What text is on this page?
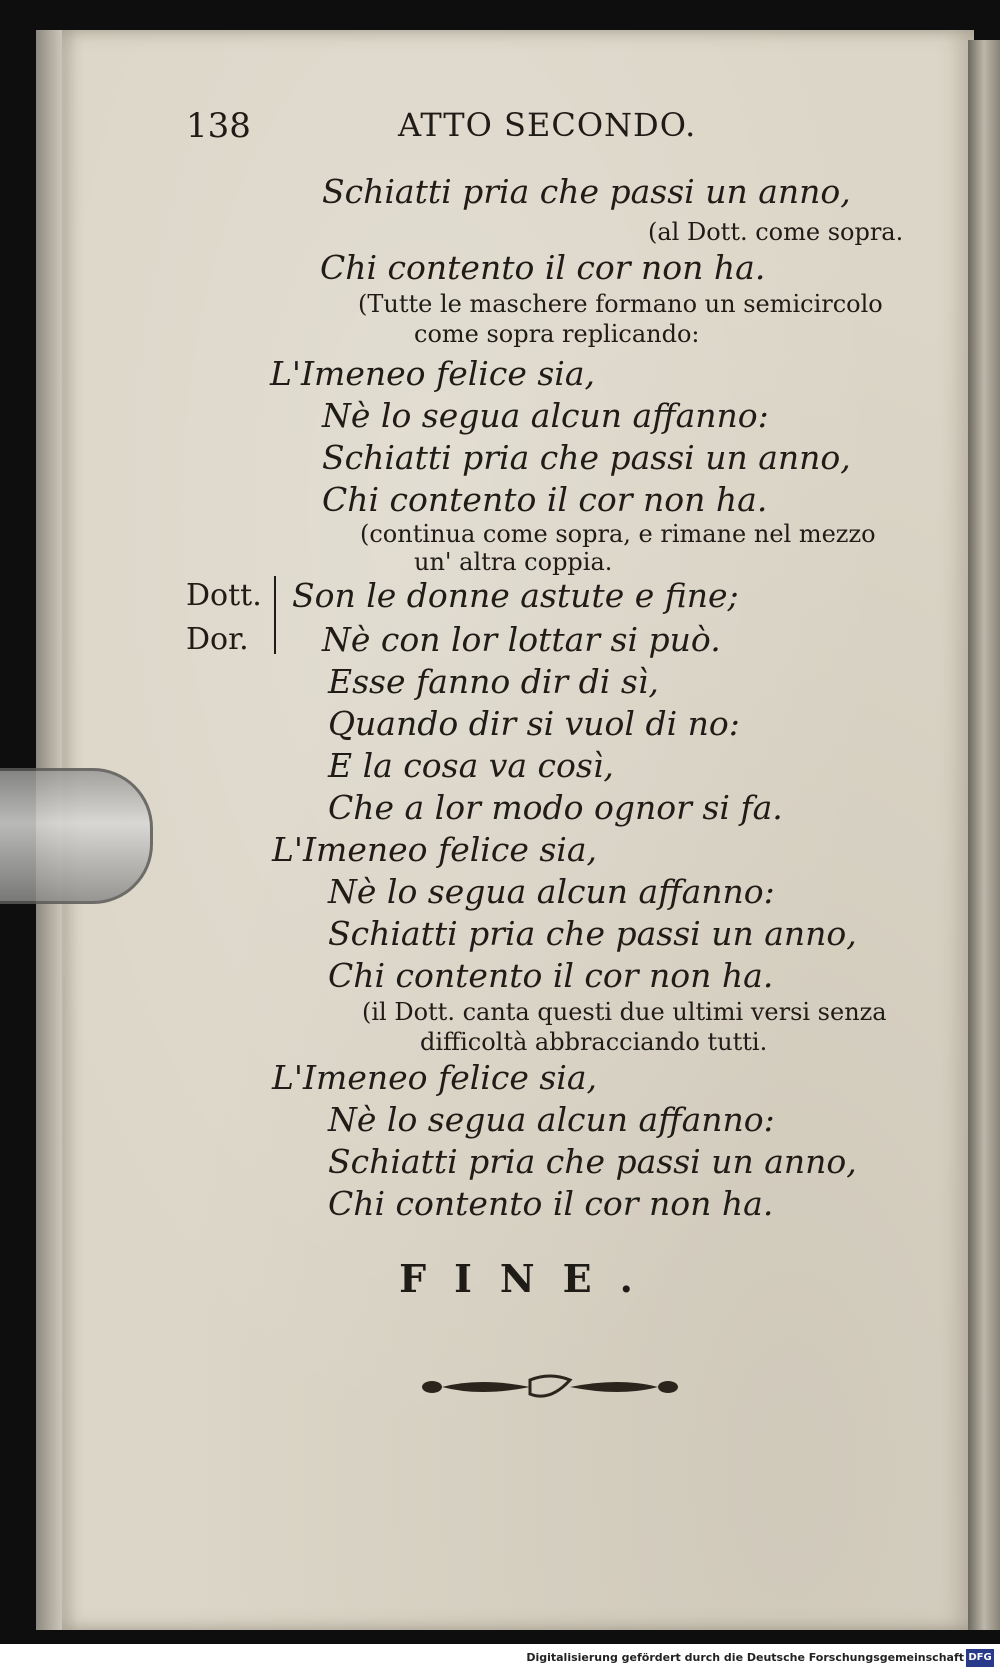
138	ATTO SECONDO.
Schiatti pria che passi un anno,
(al Dott. come sopra.
Chi contento il cor non ha.
(Tutte le maschere formano un semicircolo
come sopra replicando:
L'Imeneo felice sia,
Nè lo segua alcun affanno:
Schiatti pria che passi un anno,
Chi contento il cor non ha.
(continua come sopra, e rimane nel mezzo
un' altra coppia.
Dott.
Dor.
Son le donne astute e fine;
Nè con lor lottar si può.
Esse fanno dir di sì,
Quando dir si vuol di no:
E la cosa va così,
Che a lor modo ognor si fa.
L'Imeneo felice sia,
Nè lo segua alcun affanno:
Schiatti pria che passi un anno,
Chi contento il cor non ha.
(il Dott. canta questi due ultimi versi senza
difficoltà abbracciando tutti.
L'Imeneo felice sia,
Nè lo segua alcun affanno:
Schiatti pria che passi un anno,
Chi contento il cor non ha.
FINE.
Digitalisierung gefördert durch die Deutsche Forschungsgemeinschaft DFG
